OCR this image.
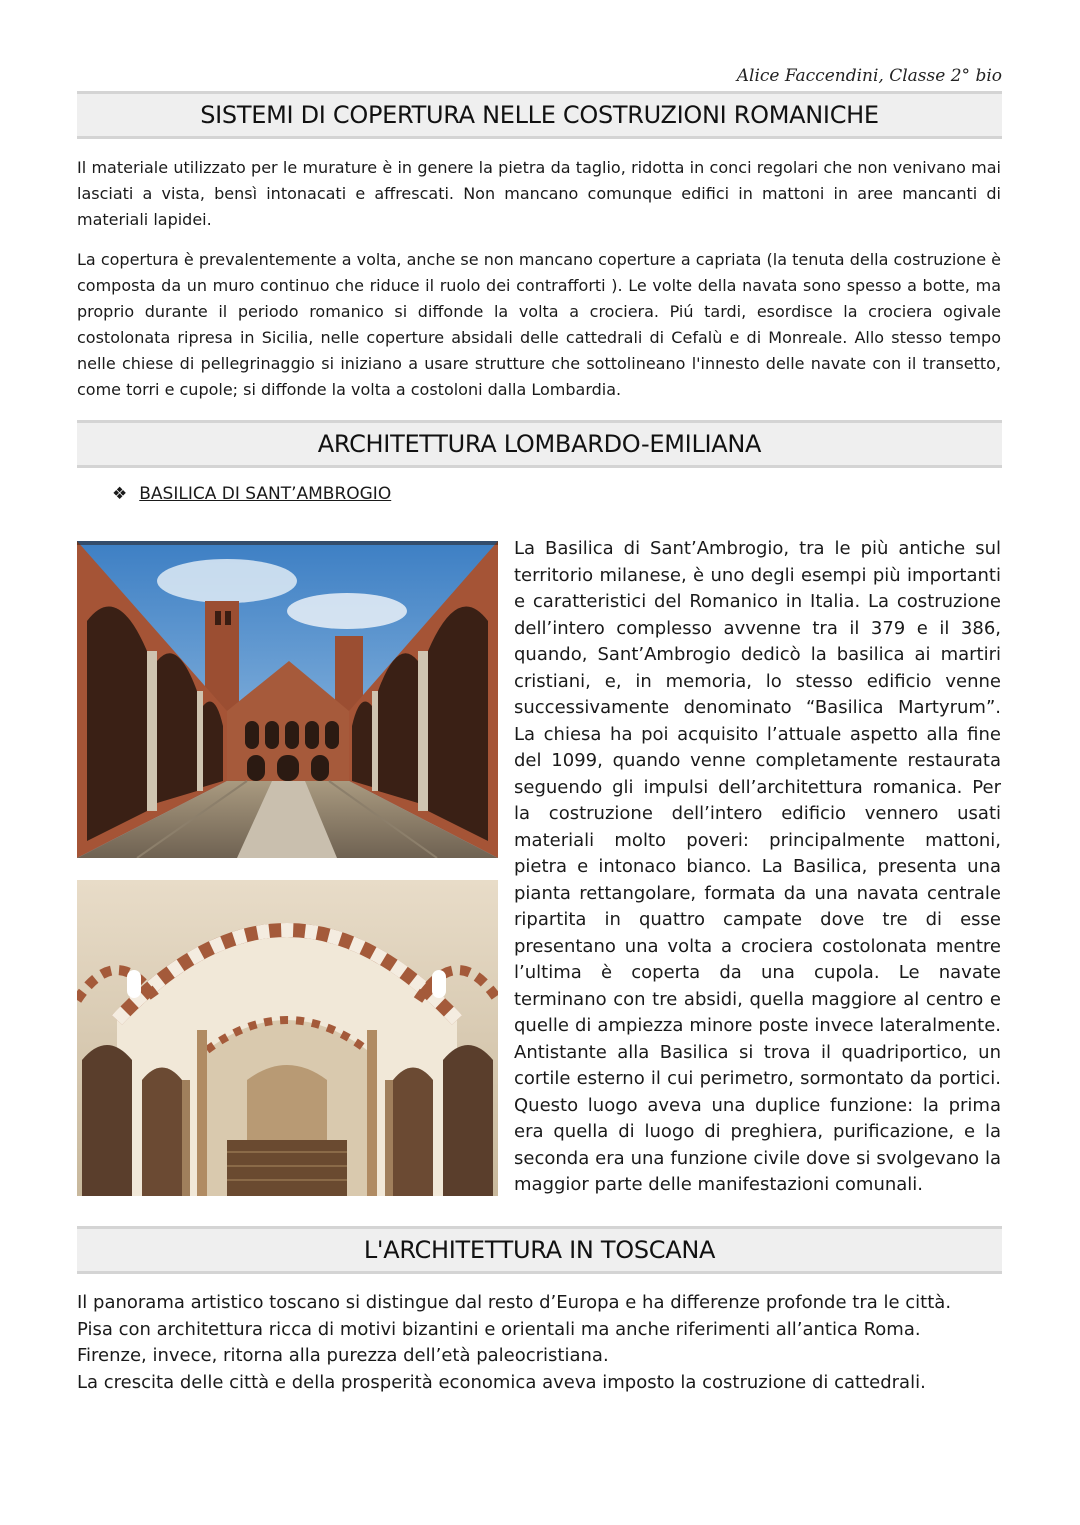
Alice Faccendini, Classe 2° bio
SISTEMI DI COPERTURA NELLE COSTRUZIONI ROMANICHE

Il materiale utilizzato per le murature è in genere la pietra da taglio, ridotta in conci regolari che non venivano mai lasciati a vista, bensì intonacati e affrescati. Non mancano comunque edifici in mattoni in aree mancanti di materiali lapidei.

La copertura è prevalentemente a volta, anche se non mancano coperture a capriata (la tenuta della costruzione è composta da un muro continuo che riduce il ruolo dei contrafforti ). Le volte della navata sono spesso a botte, ma proprio durante il periodo romanico si diffonde la volta a crociera. Piú tardi, esordisce la crociera ogivale costolonata ripresa in Sicilia, nelle coperture absidali delle cattedrali di Cefalù e di Monreale. Allo stesso tempo nelle chiese di pellegrinaggio si iniziano a usare strutture che sottolineano l'innesto delle navate con il transetto, come torri e cupole; si diffonde la volta a costoloni dalla Lombardia.

ARCHITETTURA LOMBARDO-EMILIANA
❖ BASILICA DI SANT’AMBROGIO

La Basilica di Sant’Ambrogio, tra le più antiche sul territorio milanese, è uno degli esempi più importanti e caratteristici del Romanico in Italia. La costruzione dell’intero complesso avvenne tra il 379 e il 386, quando, Sant’Ambrogio dedicò la basilica ai martiri cristiani, e, in memoria, lo stesso edificio venne successivamente denominato “Basilica Martyrum”. La chiesa ha poi acquisito l’attuale aspetto alla fine del 1099, quando venne completamente restaurata seguendo gli impulsi dell’architettura romanica. Per la costruzione dell’intero edificio vennero usati materiali molto poveri: principalmente mattoni, pietra e intonaco bianco. La Basilica, presenta una pianta rettangolare, formata da una navata centrale ripartita in quattro campate dove tre di esse presentano una volta a crociera costolonata mentre l’ultima è coperta da una cupola. Le navate terminano con tre absidi, quella maggiore al centro e quelle di ampiezza minore poste invece lateralmente. Antistante alla Basilica si trova il quadriportico, un cortile esterno il cui perimetro, sormontato da portici. Questo luogo aveva una duplice funzione: la prima era quella di luogo di preghiera, purificazione, e la seconda era una funzione civile dove si svolgevano la maggior parte delle manifestazioni comunali.

L'ARCHITETTURA IN TOSCANA
Il panorama artistico toscano si distingue dal resto d’Europa e ha differenze profonde tra le città.
Pisa con architettura ricca di motivi bizantini e orientali ma anche riferimenti all’antica Roma.
Firenze, invece, ritorna alla purezza dell’età paleocristiana.
La crescita delle città e della prosperità economica aveva imposto la costruzione di cattedrali.
